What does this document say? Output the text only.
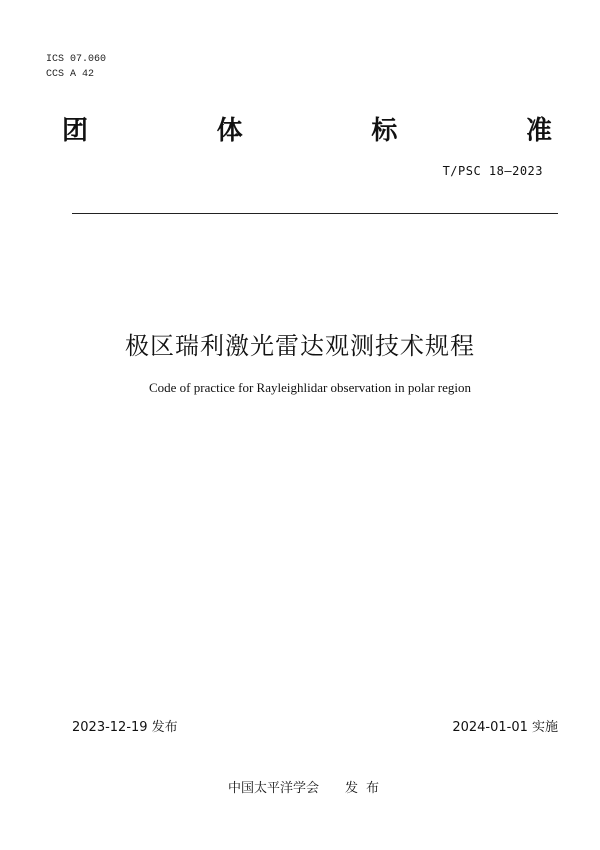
ICS 07.060
CCS A 42
团	体	标	准
T/PSC 18—2023
极区瑞利激光雷达观测技术规程
Code of practice for Rayleighlidar observation in polar region
2023-12-19 发布	2024-01-01 实施
中国太平洋学会 发布
